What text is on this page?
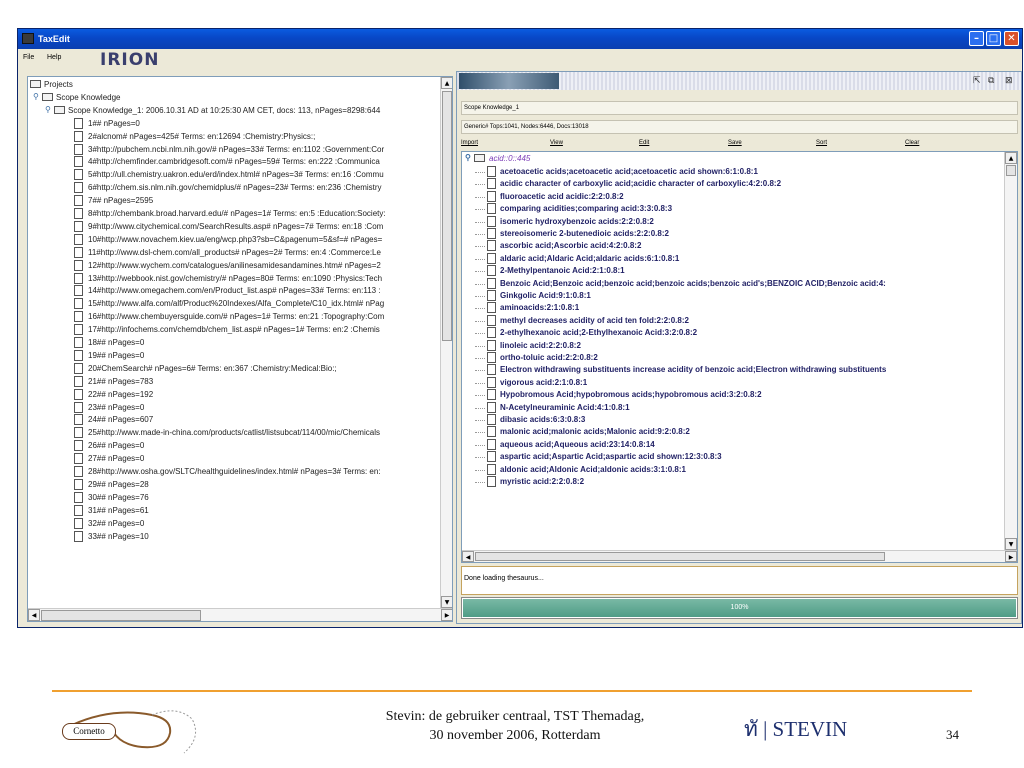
TaxEdit	– □ ✕
File Help IRION
Projects
⚲ Scope Knowledge
⚲ Scope Knowledge_1: 2006.10.31 AD at 10:25:30 AM CET, docs: 113, nPages=8298:644
1## nPages=0
2#alcnom# nPages=425# Terms: en:12694 :Chemistry:Physics:;
3#http://pubchem.ncbi.nlm.nih.gov/# nPages=33# Terms: en:1102 :Government:Cor
4#http://chemfinder.cambridgesoft.com/# nPages=59# Terms: en:222 :Communica
5#http://ull.chemistry.uakron.edu/erd/index.html# nPages=3# Terms: en:16 :Commu
6#http://chem.sis.nlm.nih.gov/chemidplus/# nPages=23# Terms: en:236 :Chemistry
7## nPages=2595
8#http://chembank.broad.harvard.edu/# nPages=1# Terms: en:5 :Education:Society:
9#http://www.citychemical.com/SearchResults.asp# nPages=7# Terms: en:18 :Com
10#http://www.novachem.kiev.ua/eng/wcp.php3?sb=C&pagenum=5&sf=# nPages=
11#http://www.dsl-chem.com/all_products# nPages=2# Terms: en:4 :Commerce:Le
12#http://www.wychem.com/catalogues/anilinesamidesandamines.htm# nPages=2
13#http://webbook.nist.gov/chemistry/# nPages=80# Terms: en:1090 :Physics:Tech
14#http://www.omegachem.com/en/Product_list.asp# nPages=33# Terms: en:113 :
15#http://www.alfa.com/alf/Product%20Indexes/Alfa_Complete/C10_idx.html# nPag
16#http://www.chembuyersguide.com/# nPages=1# Terms: en:21 :Topography:Com
17#http://infochems.com/chemdb/chem_list.asp# nPages=1# Terms: en:2 :Chemis
18## nPages=0
19## nPages=0
20#ChemSearch# nPages=6# Terms: en:367 :Chemistry:Medical:Bio:;
21## nPages=783
22## nPages=192
23## nPages=0
24## nPages=607
25#http://www.made-in-china.com/products/catlist/listsubcat/114/00/mic/Chemicals
26## nPages=0
27## nPages=0
28#http://www.osha.gov/SLTC/healthguidelines/index.html# nPages=3# Terms: en:
29## nPages=28
30## nPages=76
31## nPages=61
32## nPages=0
33## nPages=10
▲
▼
◀	▶
⇱ ⧉ ⊠
Scope Knowledge_1
Generic# Tops:1041, Nodes:6446, Docs:13018
Import	View	Edit	Save	Sort	Clear
⚲ acid::0::445
acetoacetic acids;acetoacetic acid;acetoacetic acid shown:6:1:0.8:1
acidic character of carboxylic acid;acidic character of carboxylic:4:2:0.8:2
fluoroacetic acid acidic:2:2:0.8:2
comparing acidities;comparing acid:3:3:0.8:3
isomeric hydroxybenzoic acids:2:2:0.8:2
stereoisomeric 2-butenedioic acids:2:2:0.8:2
ascorbic acid;Ascorbic acid:4:2:0.8:2
aldaric acid;Aldaric Acid;aldaric acids:6:1:0.8:1
2-Methylpentanoic Acid:2:1:0.8:1
Benzoic Acid;Benzoic acid;benzoic acid;benzoic acids;benzoic acid's;BENZOIC ACID;Benzoic acid:4:
Ginkgolic Acid:9:1:0.8:1
aminoacids:2:1:0.8:1
methyl decreases acidity of acid ten fold:2:2:0.8:2
2-ethylhexanoic acid;2-Ethylhexanoic Acid:3:2:0.8:2
linoleic acid:2:2:0.8:2
ortho-toluic acid:2:2:0.8:2
Electron withdrawing substituents increase acidity of benzoic acid;Electron withdrawing substituents
vigorous acid:2:1:0.8:1
Hypobromous Acid;hypobromous acids;hypobromous acid:3:2:0.8:2
N-Acetylneuraminic Acid:4:1:0.8:1
dibasic acids:6:3:0.8:3
malonic acid;malonic acids;Malonic acid:9:2:0.8:2
aqueous acid;Aqueous acid:23:14:0.8:14
aspartic acid;Aspartic Acid;aspartic acid shown:12:3:0.8:3
aldonic acid;Aldonic Acid;aldonic acids:3:1:0.8:1
myristic acid:2:2:0.8:2
▲
▼
◀	▶
Done loading thesaurus...
100%
Cornetto
Stevin: de gebruiker centraal, TST Themadag,
30 november 2006, Rotterdam	ทั | STEVIN	34
